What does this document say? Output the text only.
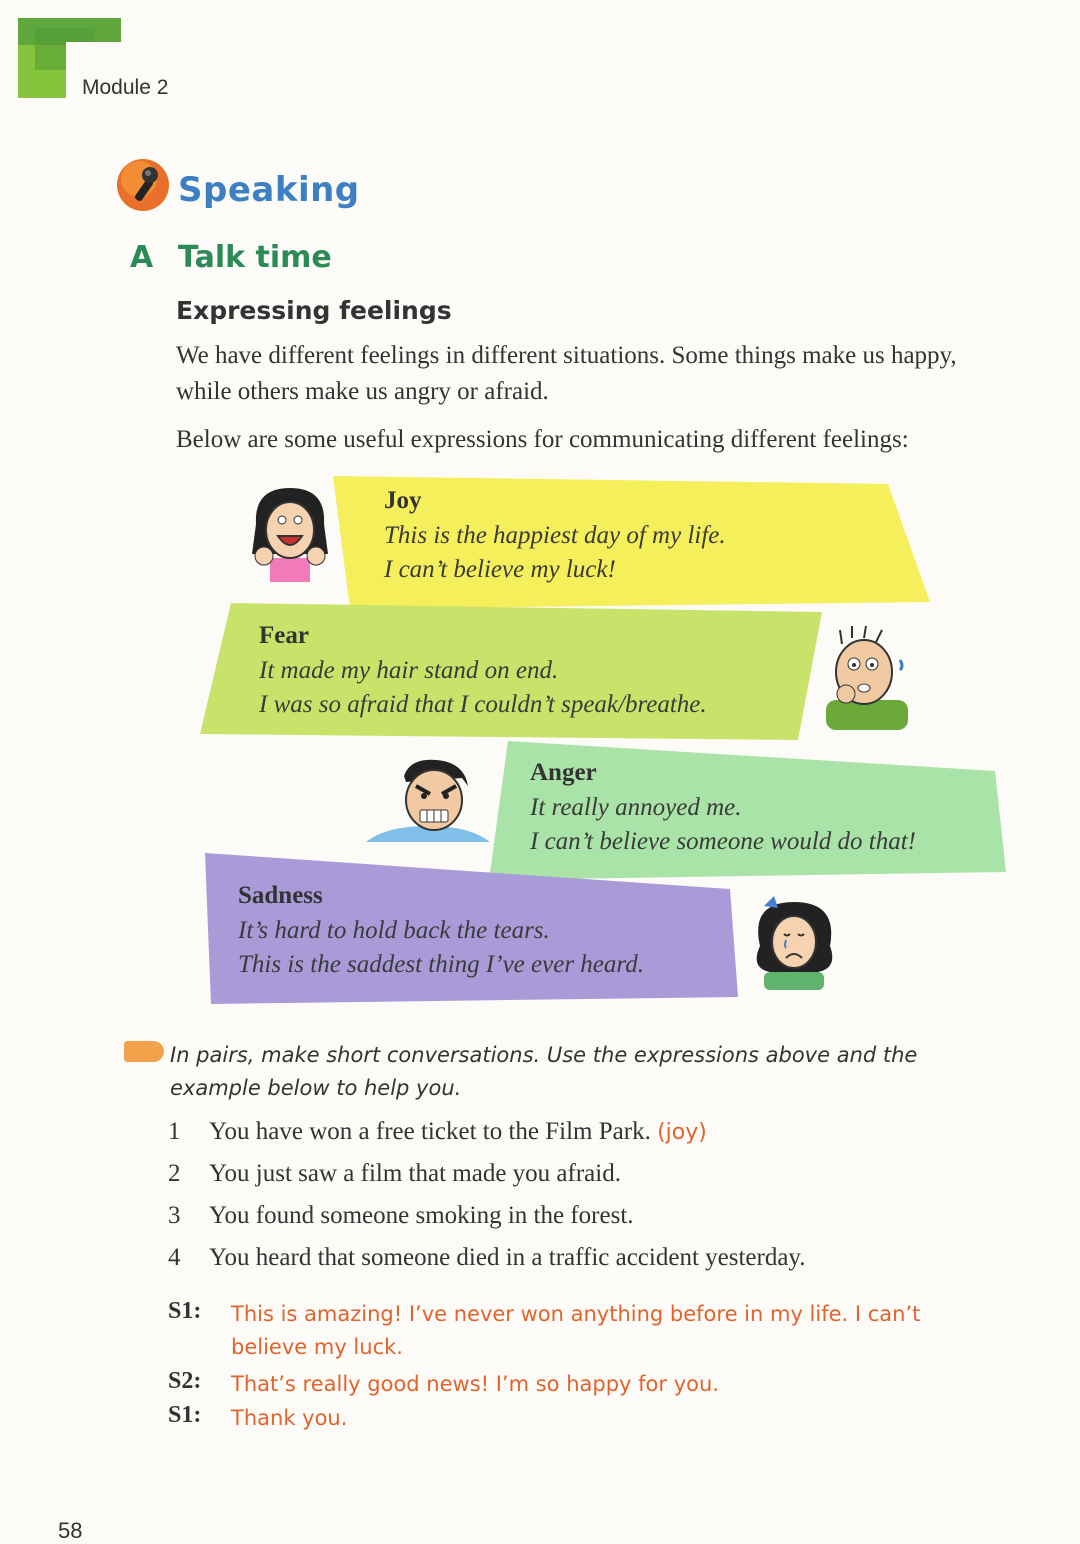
Module 2
Speaking
A Talk time
Expressing feelings
We have different feelings in different situations. Some things make us happy, while others make us angry or afraid.
Below are some useful expressions for communicating different feelings:
Joy
This is the happiest day of my life.
I can’t believe my luck!
Fear
It made my hair stand on end.
I was so afraid that I couldn’t speak/breathe.
Anger
It really annoyed me.
I can’t believe someone would do that!
Sadness
It’s hard to hold back the tears.
This is the saddest thing I’ve ever heard.
In pairs, make short conversations. Use the expressions above and the example below to help you.
1 You have won a free ticket to the Film Park. (joy)
2 You just saw a film that made you afraid.
3 You found someone smoking in the forest.
4 You heard that someone died in a traffic accident yesterday.
S1: This is amazing! I’ve never won anything before in my life. I can’t believe my luck.
S2: That’s really good news! I’m so happy for you.
S1: Thank you.
58
